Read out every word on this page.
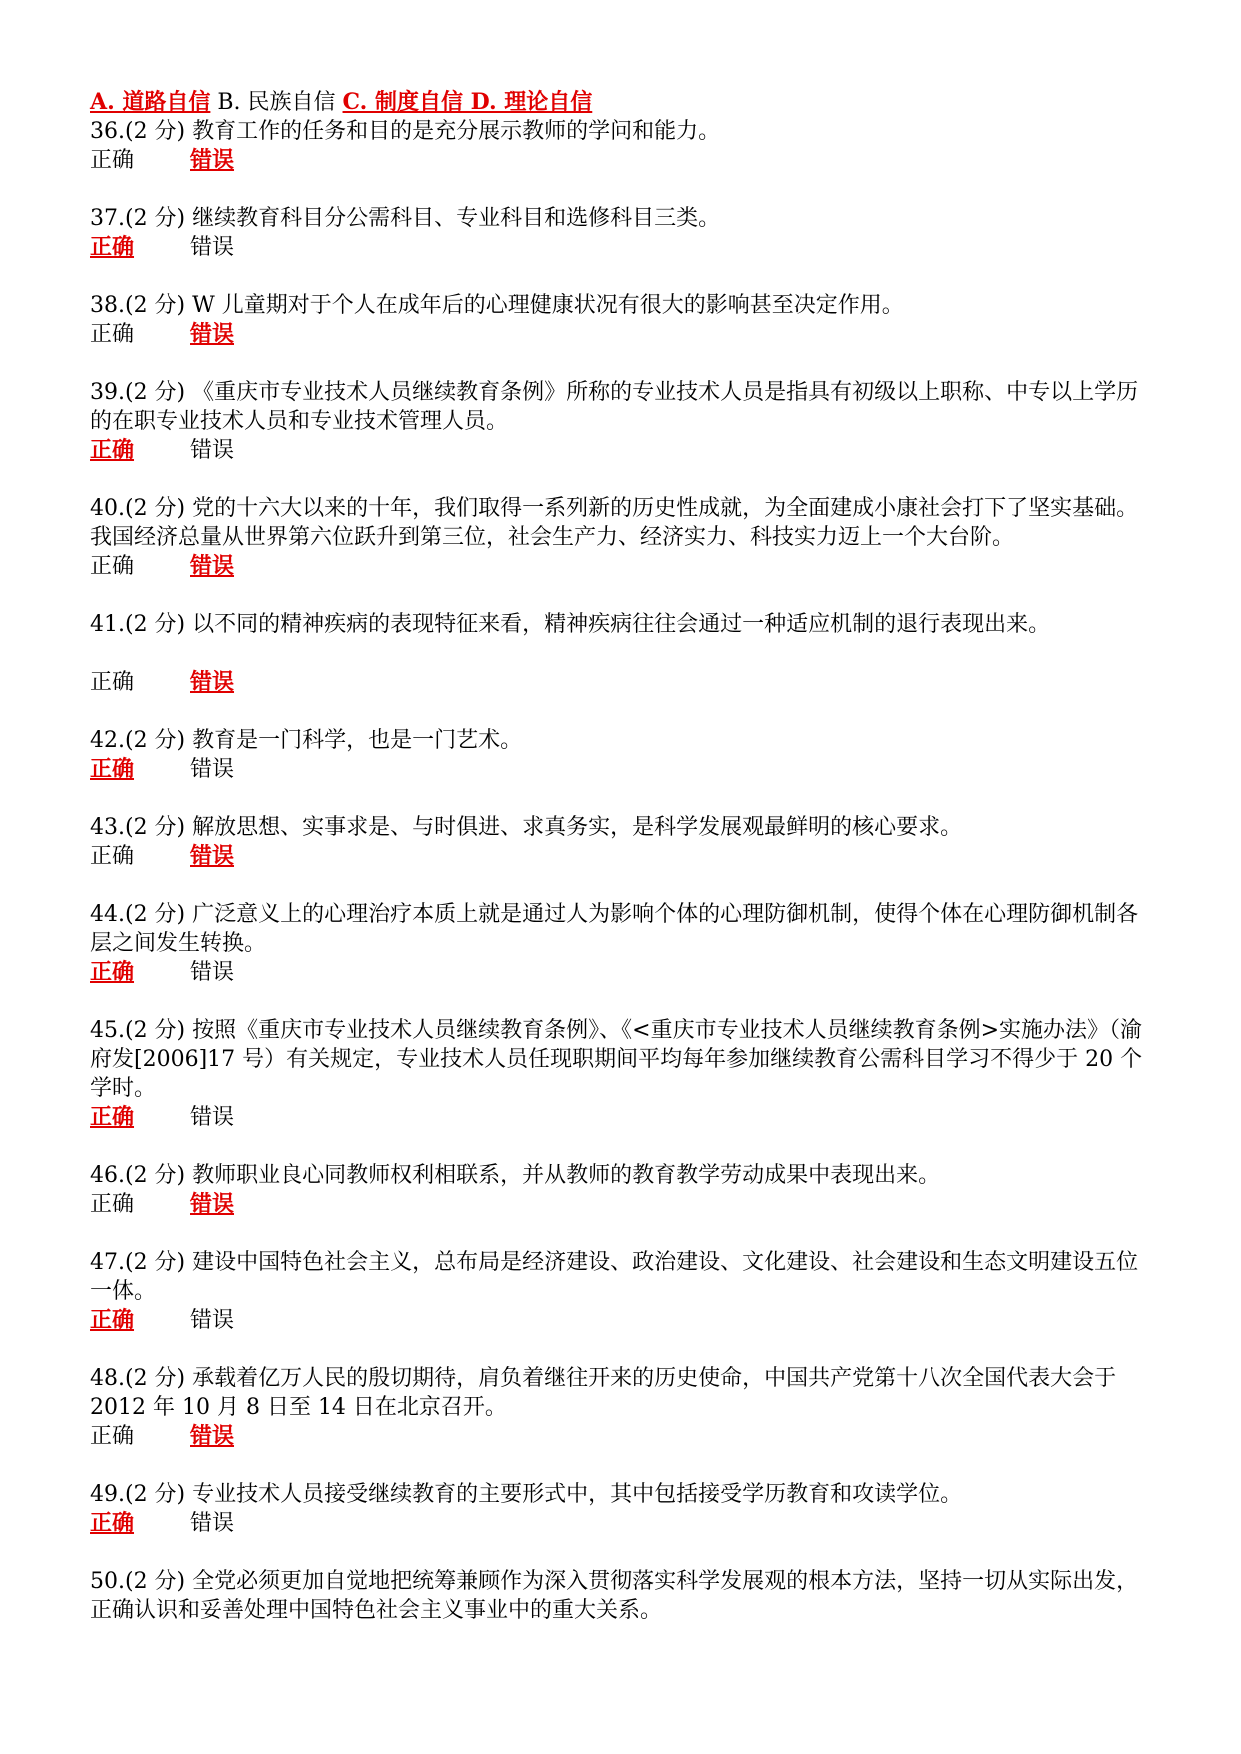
A. 道路自信 B. 民族自信 C. 制度自信 D. 理论自信
36.(2 分) 教育工作的任务和目的是充分展示教师的学问和能力。
正确	错误
37.(2 分) 继续教育科目分公需科目、专业科目和选修科目三类。
正确	错误
38.(2 分) W 儿童期对于个人在成年后的心理健康状况有很大的影响甚至决定作用。
正确	错误
39.(2 分) 《重庆市专业技术人员继续教育条例》所称的专业技术人员是指具有初级以上职称、中专以上学历的在职专业技术人员和专业技术管理人员。
正确	错误
40.(2 分) 党的十六大以来的十年，我们取得一系列新的历史性成就，为全面建成小康社会打下了坚实基础。我国经济总量从世界第六位跃升到第三位，社会生产力、经济实力、科技实力迈上一个大台阶。
正确	错误
41.(2 分) 以不同的精神疾病的表现特征来看，精神疾病往往会通过一种适应机制的退行表现出来。
正确	错误
42.(2 分) 教育是一门科学，也是一门艺术。
正确	错误
43.(2 分) 解放思想、实事求是、与时俱进、求真务实，是科学发展观最鲜明的核心要求。
正确	错误
44.(2 分) 广泛意义上的心理治疗本质上就是通过人为影响个体的心理防御机制，使得个体在心理防御机制各层之间发生转换。
正确	错误
45.(2 分) 按照《重庆市专业技术人员继续教育条例》、《<重庆市专业技术人员继续教育条例>实施办法》（渝府发[2006]17 号）有关规定，专业技术人员任现职期间平均每年参加继续教育公需科目学习不得少于 20 个学时。
正确	错误
46.(2 分) 教师职业良心同教师权利相联系，并从教师的教育教学劳动成果中表现出来。
正确	错误
47.(2 分) 建设中国特色社会主义，总布局是经济建设、政治建设、文化建设、社会建设和生态文明建设五位一体。
正确	错误
48.(2 分) 承载着亿万人民的殷切期待，肩负着继往开来的历史使命，中国共产党第十八次全国代表大会于 2012 年 10 月 8 日至 14 日在北京召开。
正确	错误
49.(2 分) 专业技术人员接受继续教育的主要形式中，其中包括接受学历教育和攻读学位。
正确	错误
50.(2 分) 全党必须更加自觉地把统筹兼顾作为深入贯彻落实科学发展观的根本方法，坚持一切从实际出发，正确认识和妥善处理中国特色社会主义事业中的重大关系。
